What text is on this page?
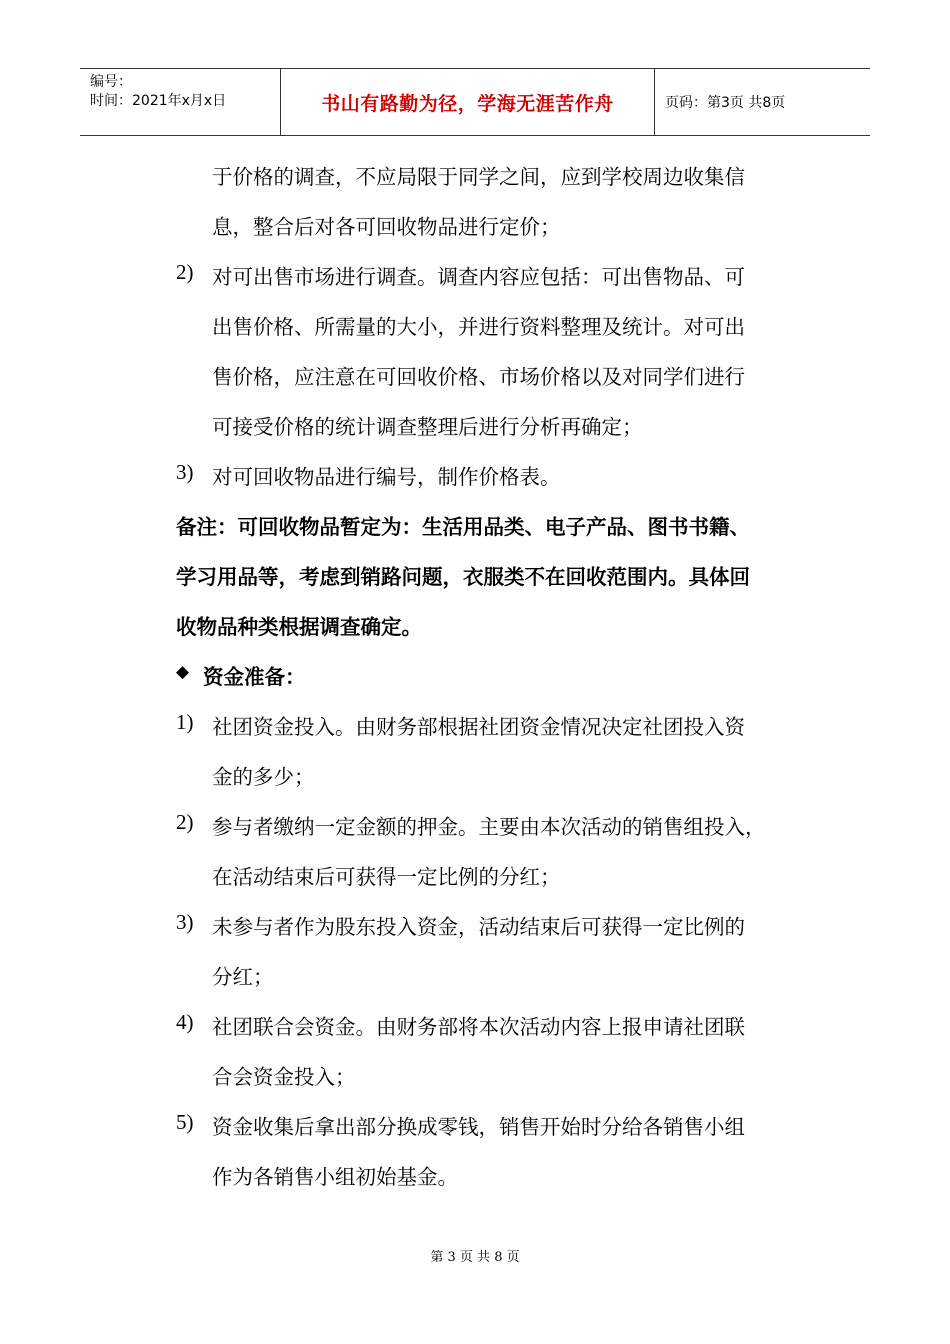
编号：
时间：2021年x月x日	书山有路勤为径，学海无涯苦作舟	页码：第3页 共8页
于价格的调查，不应局限于同学之间，应到学校周边收集信
息，整合后对各可回收物品进行定价；
2) 对可出售市场进行调查。调查内容应包括：可出售物品、可
出售价格、所需量的大小，并进行资料整理及统计。对可出
售价格，应注意在可回收价格、市场价格以及对同学们进行
可接受价格的统计调查整理后进行分析再确定；
3) 对可回收物品进行编号，制作价格表。
备注：可回收物品暂定为：生活用品类、电子产品、图书书籍、
学习用品等，考虑到销路问题，衣服类不在回收范围内。具体回
收物品种类根据调查确定。
◆ 资金准备：
1) 社团资金投入。由财务部根据社团资金情况决定社团投入资
金的多少；
2) 参与者缴纳一定金额的押金。主要由本次活动的销售组投入，
在活动结束后可获得一定比例的分红；
3) 未参与者作为股东投入资金，活动结束后可获得一定比例的
分红；
4) 社团联合会资金。由财务部将本次活动内容上报申请社团联
合会资金投入；
5) 资金收集后拿出部分换成零钱，销售开始时分给各销售小组
作为各销售小组初始基金。
第 3 页 共 8 页
